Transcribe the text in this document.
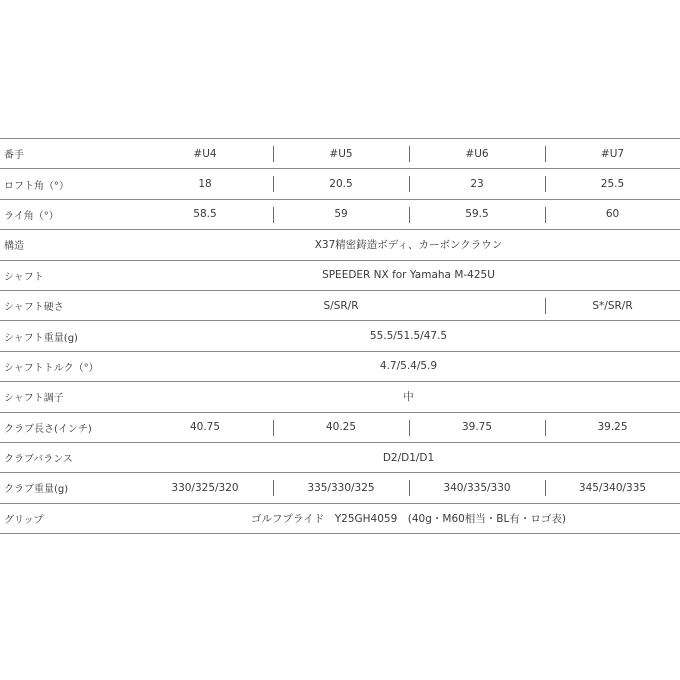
番手	#U4	#U5	#U6	#U7
ロフト角（°）	18	20.5	23	25.5
ライ角（°）	58.5	59	59.5	60
構造	X37精密鋳造ボディ、カーボンクラウン
シャフト	SPEEDER NX for Yamaha M-425U
シャフト硬さ	S/SR/R	S*/SR/R
シャフト重量(g)	55.5/51.5/47.5
シャフトトルク（°）	4.7/5.4/5.9
シャフト調子	中
クラブ長さ(インチ)	40.75	40.25	39.75	39.25
クラブバランス	D2/D1/D1
クラブ重量(g)	330/325/320	335/330/325	340/335/330	345/340/335
グリップ	ゴルフプライド　Y25GH4059　(40g・M60相当・BL有・ロゴ表)
